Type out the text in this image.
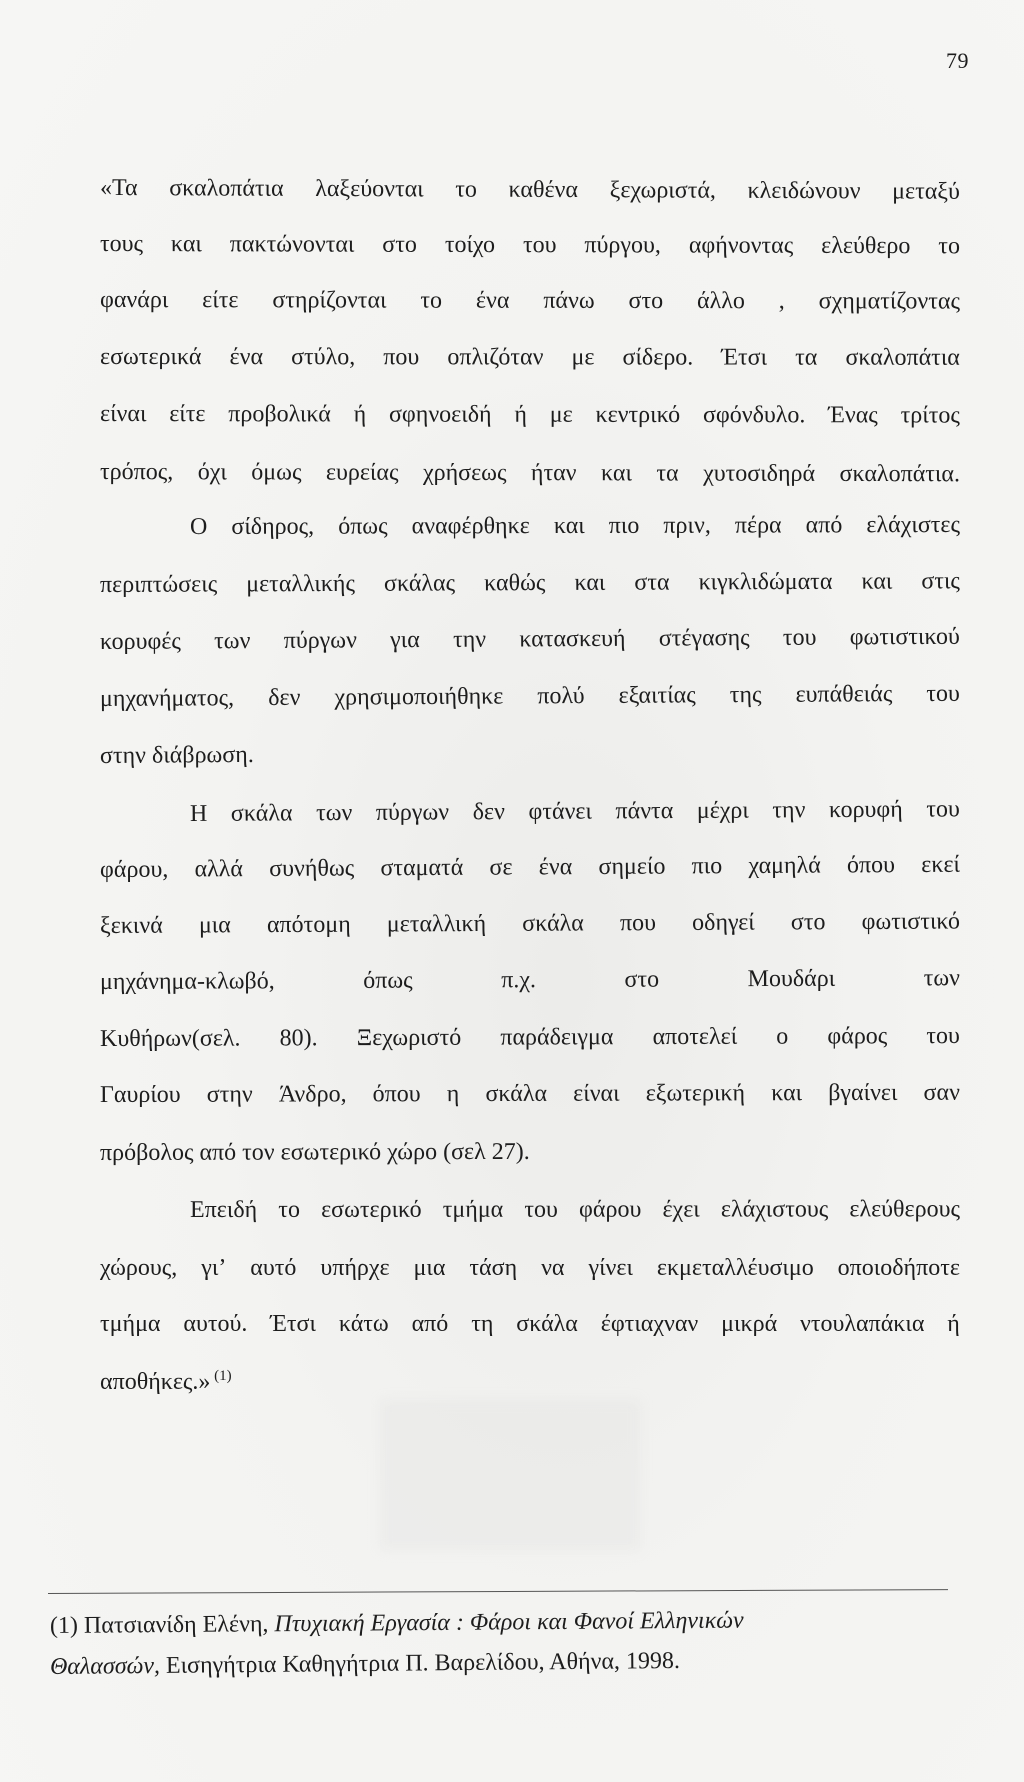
79
«Τα σκαλοπάτια λαξεύονται το καθένα ξεχωριστά, κλειδώνουν μεταξύ
τους και πακτώνονται στο τοίχο του πύργου, αφήνοντας ελεύθερο το
φανάρι είτε στηρίζονται το ένα πάνω στο άλλο , σχηματίζοντας
εσωτερικά ένα στύλο, που οπλιζόταν με σίδερο. Έτσι τα σκαλοπάτια
είναι είτε προβολικά ή σφηνοειδή ή με κεντρικό σφόνδυλο. Ένας τρίτος
τρόπος, όχι όμως ευρείας χρήσεως ήταν και τα χυτοσιδηρά σκαλοπάτια.
Ο σίδηρος, όπως αναφέρθηκε και πιο πριν, πέρα από ελάχιστες
περιπτώσεις μεταλλικής σκάλας καθώς και στα κιγκλιδώματα και στις
κορυφές των πύργων για την κατασκευή στέγασης του φωτιστικού
μηχανήματος, δεν χρησιμοποιήθηκε πολύ εξαιτίας της ευπάθειάς του
στην διάβρωση.
Η σκάλα των πύργων δεν φτάνει πάντα μέχρι την κορυφή του
φάρου, αλλά συνήθως σταματά σε ένα σημείο πιο χαμηλά όπου εκεί
ξεκινά μια απότομη μεταλλική σκάλα που οδηγεί στο φωτιστικό
μηχάνημα-κλωβό,	όπως	π.χ.	στο	Μουδάρι	των
Κυθήρων(σελ. 80). Ξεχωριστό παράδειγμα αποτελεί ο φάρος του
Γαυρίου στην Άνδρο, όπου η σκάλα είναι εξωτερική και βγαίνει σαν
πρόβολος από τον εσωτερικό χώρο (σελ 27).
Επειδή το εσωτερικό τμήμα του φάρου έχει ελάχιστους ελεύθερους
χώρους, γι’ αυτό υπήρχε μια τάση να γίνει εκμεταλλέυσιμο οποιοδήποτε
τμήμα αυτού. Έτσι κάτω από τη σκάλα έφτιαχναν μικρά ντουλαπάκια ή
αποθήκες.» $^{(1)}$
(1) Πατσιανίδη Ελένη, Πτυχιακή Εργασία : Φάροι και Φανοί Ελληνικών
Θαλασσών, Εισηγήτρια Καθηγήτρια Π. Βαρελίδου, Αθήνα, 1998.
